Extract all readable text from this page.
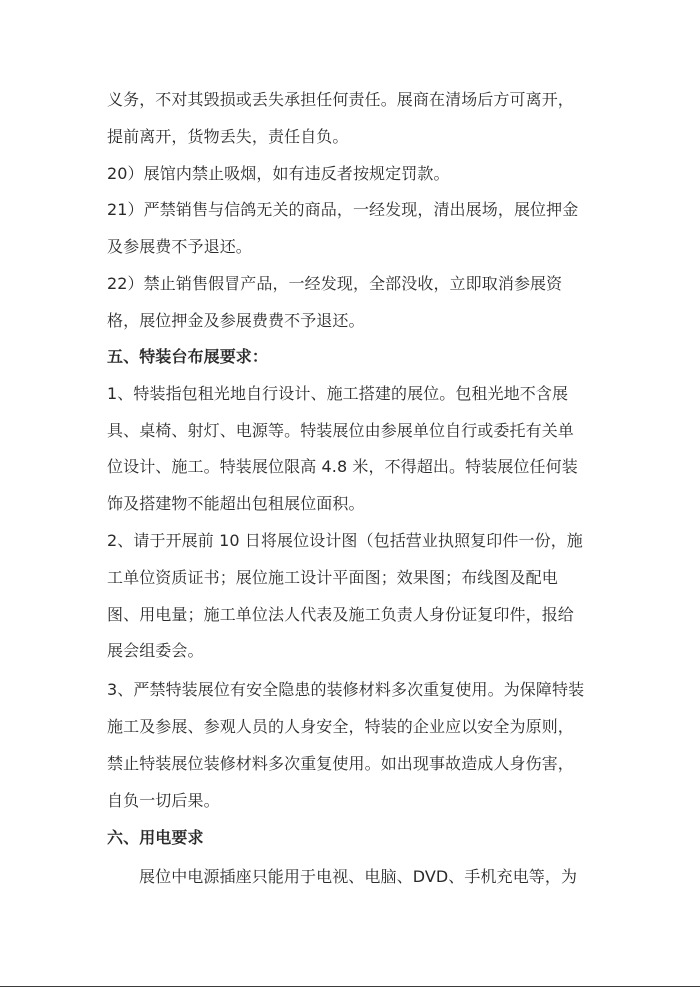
义务，不对其毁损或丢失承担任何责任。展商在清场后方可离开，
提前离开，货物丢失，责任自负。
20）展馆内禁止吸烟，如有违反者按规定罚款。
21）严禁销售与信鸽无关的商品，一经发现，清出展场，展位押金
及参展费不予退还。
22）禁止销售假冒产品，一经发现，全部没收，立即取消参展资
格，展位押金及参展费费不予退还。
五、特装台布展要求：
1、特装指包租光地自行设计、施工搭建的展位。包租光地不含展
具、桌椅、射灯、电源等。特装展位由参展单位自行或委托有关单
位设计、施工。特装展位限高 4.8 米，不得超出。特装展位任何装
饰及搭建物不能超出包租展位面积。
2、请于开展前 10 日将展位设计图（包括营业执照复印件一份，施
工单位资质证书；展位施工设计平面图；效果图；布线图及配电
图、用电量；施工单位法人代表及施工负责人身份证复印件，报给
展会组委会。
3、严禁特装展位有安全隐患的装修材料多次重复使用。为保障特装
施工及参展、参观人员的人身安全，特装的企业应以安全为原则，
禁止特装展位装修材料多次重复使用。如出现事故造成人身伤害，
自负一切后果。
六、用电要求
展位中电源插座只能用于电视、电脑、DVD、手机充电等，为
